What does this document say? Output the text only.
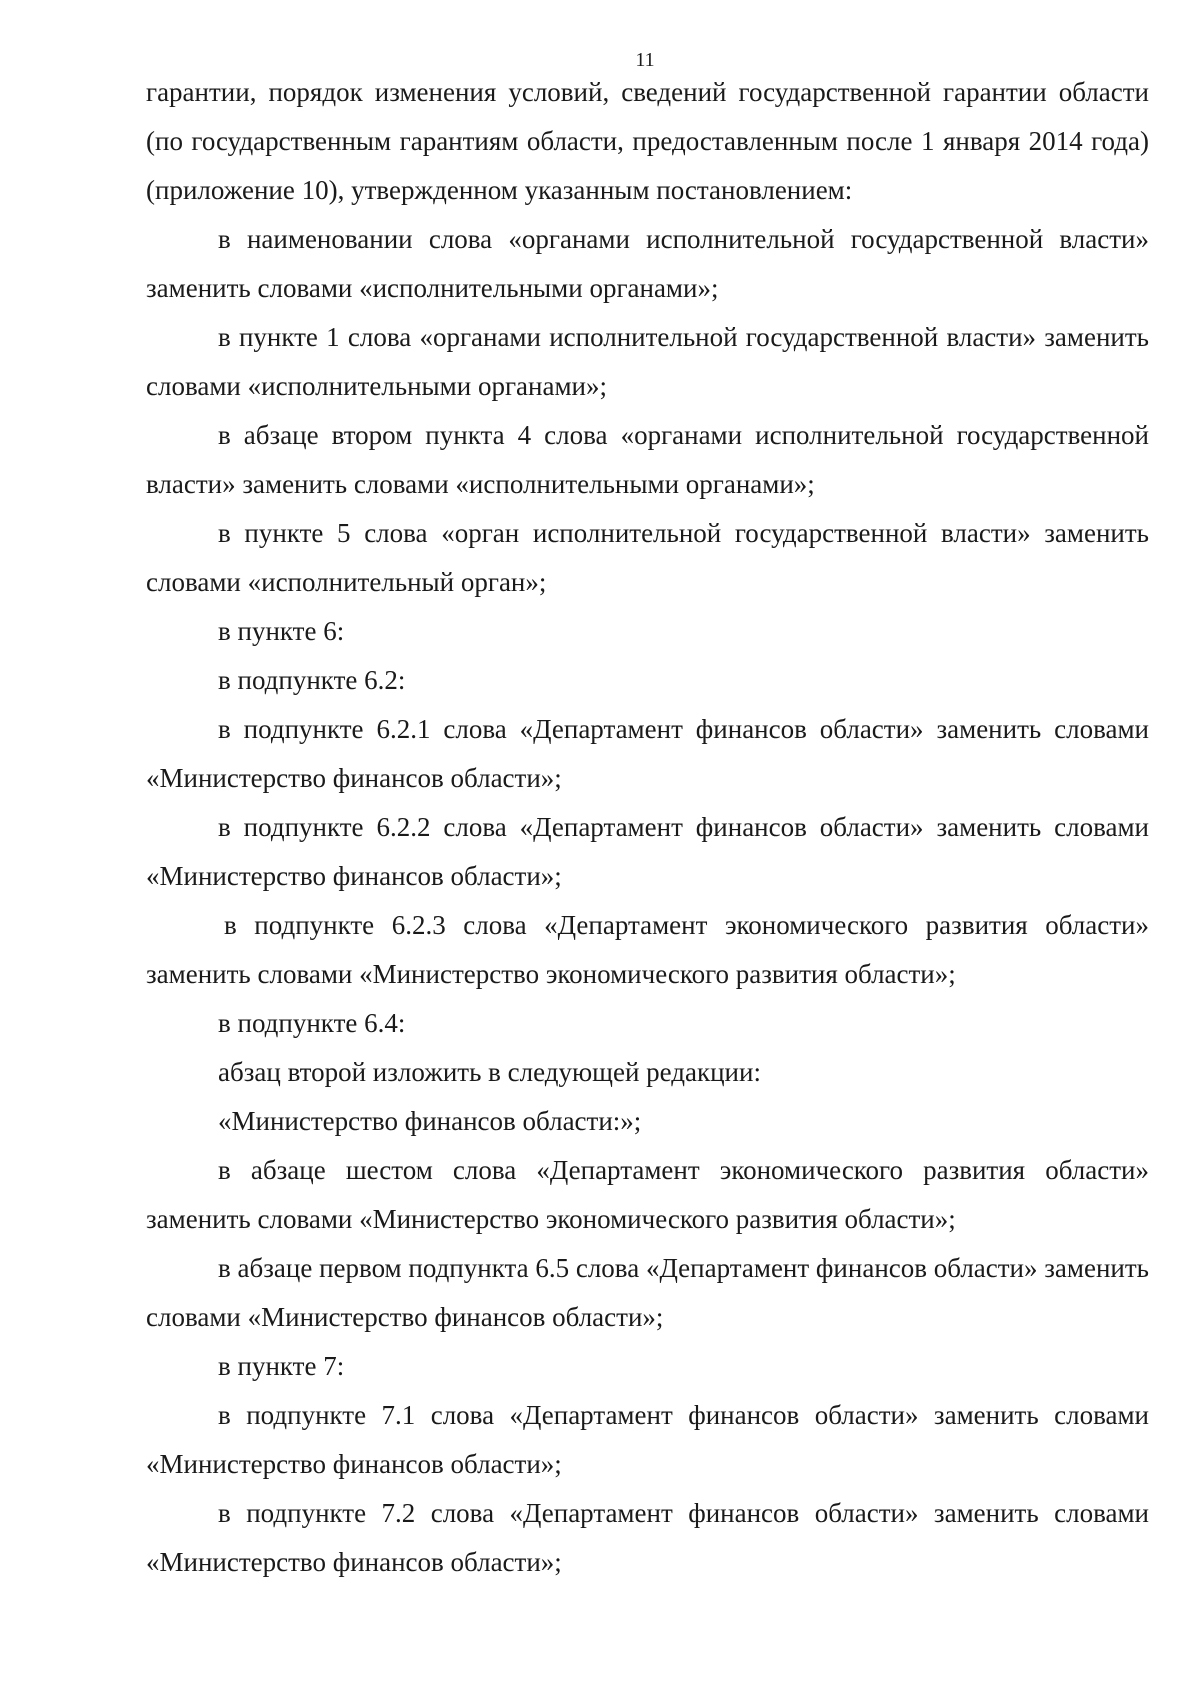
11

гарантии, порядок изменения условий, сведений государственной гарантии области (по государственным гарантиям области, предоставленным после 1 января 2014 года) (приложение 10), утвержденном указанным постановлением:

в наименовании слова «органами исполнительной государственной власти» заменить словами «исполнительными органами»;

в пункте 1 слова «органами исполнительной государственной власти» заменить словами «исполнительными органами»;

в абзаце втором пункта 4 слова «органами исполнительной государственной власти» заменить словами «исполнительными органами»;

в пункте 5 слова «орган исполнительной государственной власти» заменить словами «исполнительный орган»;

в пункте 6:

в подпункте 6.2:

в подпункте 6.2.1 слова «Департамент финансов области» заменить словами «Министерство финансов области»;

в подпункте 6.2.2 слова «Департамент финансов области» заменить словами «Министерство финансов области»;

в подпункте 6.2.3 слова «Департамент экономического развития области» заменить словами «Министерство экономического развития области»;

в подпункте 6.4:

абзац второй изложить в следующей редакции:

«Министерство финансов области:»;

в абзаце шестом слова «Департамент экономического развития области» заменить словами «Министерство экономического развития области»;

в абзаце первом подпункта 6.5 слова «Департамент финансов области» заменить словами «Министерство финансов области»;

в пункте 7:

в подпункте 7.1 слова «Департамент финансов области» заменить словами «Министерство финансов области»;

в подпункте 7.2 слова «Департамент финансов области» заменить словами «Министерство финансов области»;
